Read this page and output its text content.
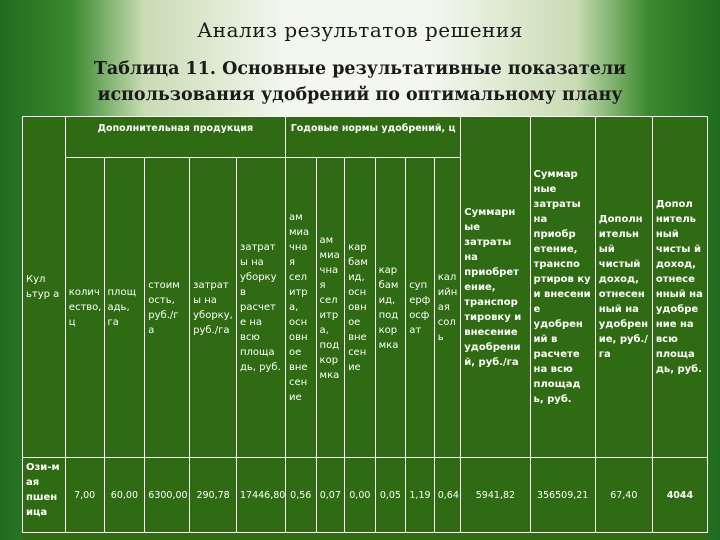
Анализ результатов решения
Таблица 11. Основные результативные показатели использования удобрений по оптимальному плану
Кул ьтур а	Дополнительная продукция					Годовые нормы удобрений, ц						Суммарн ые затраты на приобрет ение, транспор тировку и внесение удобрени й, руб./га	Суммар ные затраты на приобр етение, транспо ртиров ку и внесени е удобрен ий в расчете на всю площад ь, руб.	Дополн ительн ый чистый доход, отнесен ный на удобрен ие, руб./га	Допол нитель ный чисты й доход, отнесе нный на удобре ние на всю площа дь, руб.
	колич ество, ц	площ адь, га	стоим ость, руб./г а	затрат ы на уборку, руб./га	затрат ы на уборку в расчет е на всю площа дь, руб.	ам миа чна я сел итр а, осн овн ое вне сен ие	ам миа чна я сел итр а, под кор мка	кар бам ид, осн овн ое вне сен ие	кар бам ид, под кор мка	суп ерф осф ат	кал ийн ая сол ь				
Ози-м ая пшен ица	7,00	60,00	6300,00	290,78	17446,80	0,56	0,07	0,00	0,05	1,19	0,64	5941,82	356509,21	67,40	4044
